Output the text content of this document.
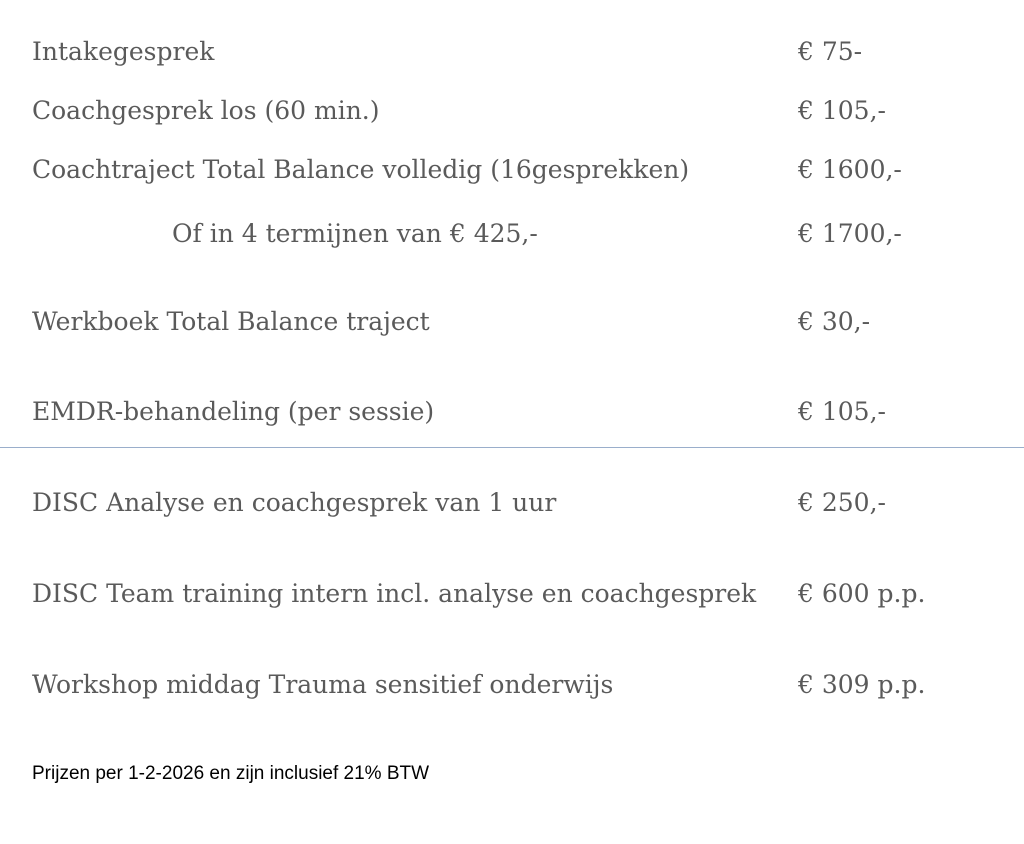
Intakegesprek	€ 75-
Coachgesprek los (60 min.)	€ 105,-
Coachtraject Total Balance volledig (16gesprekken)	€ 1600,-
Of in 4 termijnen van € 425,-	€ 1700,-
Werkboek Total Balance traject	€ 30,-
EMDR-behandeling (per sessie)	€ 105,-
DISC Analyse en coachgesprek van 1 uur	€ 250,-
DISC Team training intern incl. analyse en coachgesprek € 600 p.p.
Workshop middag Trauma sensitief onderwijs	€ 309 p.p.
Prijzen per 1-2-2026 en zijn inclusief 21% BTW
